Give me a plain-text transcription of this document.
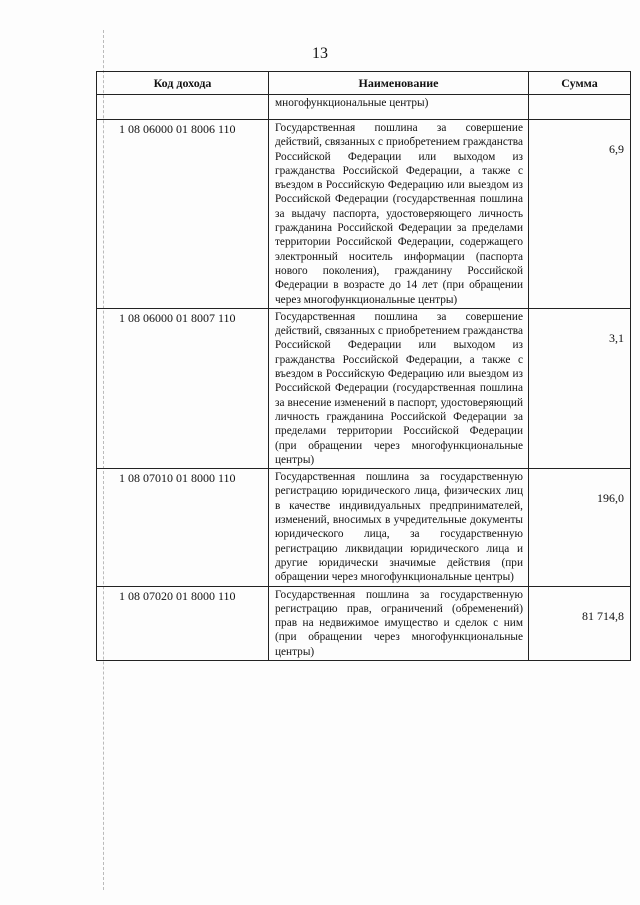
13
Код дохода	Наименование	Сумма
	многофункциональные центры)	
1 08 06000 01 8006 110	Государственная пошлина за совершение действий, связанных с приобретением гражданства Российской Федерации или выходом из гражданства Российской Федерации, а также с въездом в Российскую Федерацию или выездом из Российской Федерации (государственная пошлина за выдачу паспорта, удостоверяющего личность гражданина Российской Федерации за пределами территории Российской Федерации, содержащего электронный носитель информации (паспорта нового поколения), гражданину Российской Федерации в возрасте до 14 лет (при обращении через многофункциональные центры)	6,9
1 08 06000 01 8007 110	Государственная пошлина за совершение действий, связанных с приобретением гражданства Российской Федерации или выходом из гражданства Российской Федерации, а также с въездом в Российскую Федерацию или выездом из Российской Федерации (государственная пошлина за внесение изменений в паспорт, удостоверяющий личность гражданина Российской Федерации за пределами территории Российской Федерации (при обращении через многофункциональные центры)	3,1
1 08 07010 01 8000 110	Государственная пошлина за государственную регистрацию юридического лица, физических лиц в качестве индивидуальных предпринимателей, изменений, вносимых в учредительные документы юридического лица, за государственную регистрацию ликвидации юридического лица и другие юридически значимые действия (при обращении через многофункциональные центры)	196,0
1 08 07020 01 8000 110	Государственная пошлина за государственную регистрацию прав, ограничений (обременений) прав на недвижимое имущество и сделок с ним (при обращении через многофункциональные центры)	81 714,8
